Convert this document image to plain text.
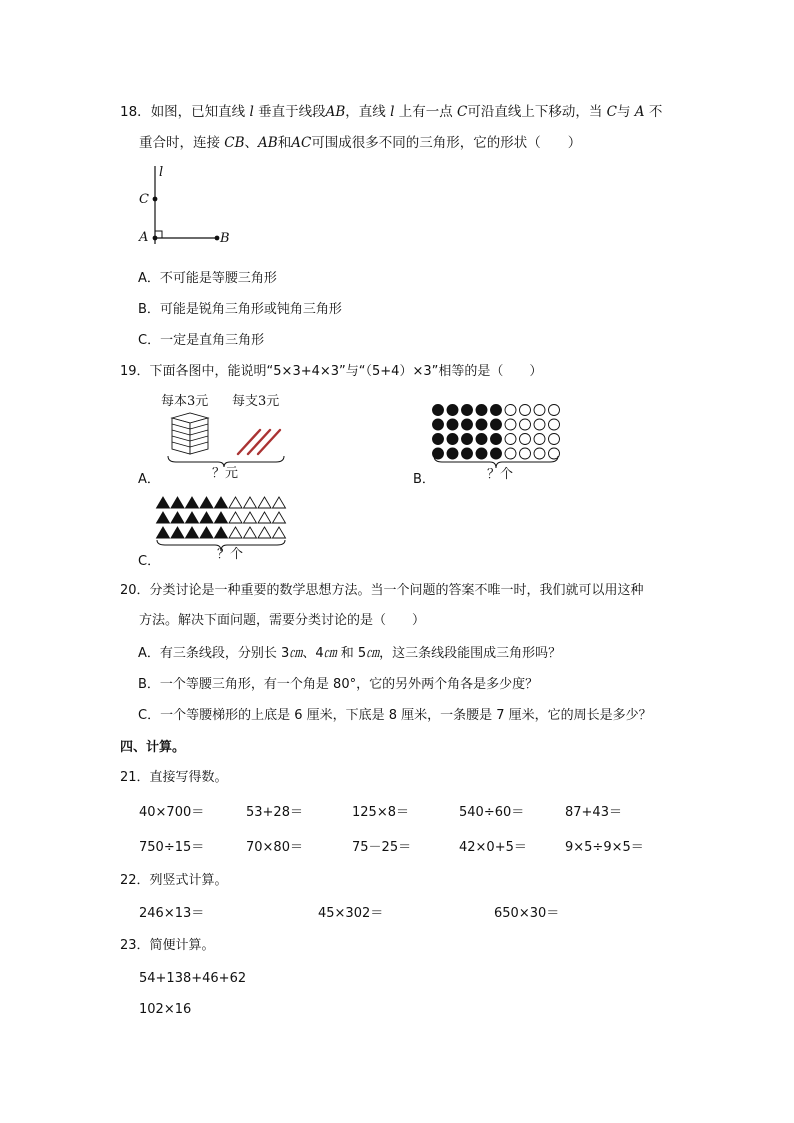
18．如图，已知直线 l 垂直于线段AB，直线 l 上有一点 C可沿直线上下移动，当 C与 A 不
重合时，连接 CB、AB和AC可围成很多不同的三角形，它的形状（　　）
l
C
A	B
A．不可能是等腰三角形
B．可能是锐角三角形或钝角三角形
C．一定是直角三角形
19．下面各图中，能说明“5×3+4×3”与“（5+4）×3”相等的是（　　）
每本3元 每支3元
？元
A．	？个
B．
？个
C．
20．分类讨论是一种重要的数学思想方法。当一个问题的答案不唯一时，我们就可以用这种
方法。解决下面问题，需要分类讨论的是（　　）
A．有三条线段，分别长 3㎝、4㎝ 和 5㎝，这三条线段能围成三角形吗？
B．一个等腰三角形，有一个角是 80°，它的另外两个角各是多少度？
C．一个等腰梯形的上底是 6 厘米，下底是 8 厘米，一条腰是 7 厘米，它的周长是多少？
四、计算。
21．直接写得数。
40×700＝	53+28＝	125×8＝	540÷60＝	87+43＝
750÷15＝	70×80＝	75－25＝	42×0+5＝	9×5÷9×5＝
22．列竖式计算。
246×13＝	45×302＝	650×30＝
23．简便计算。
54+138+46+62
102×16
